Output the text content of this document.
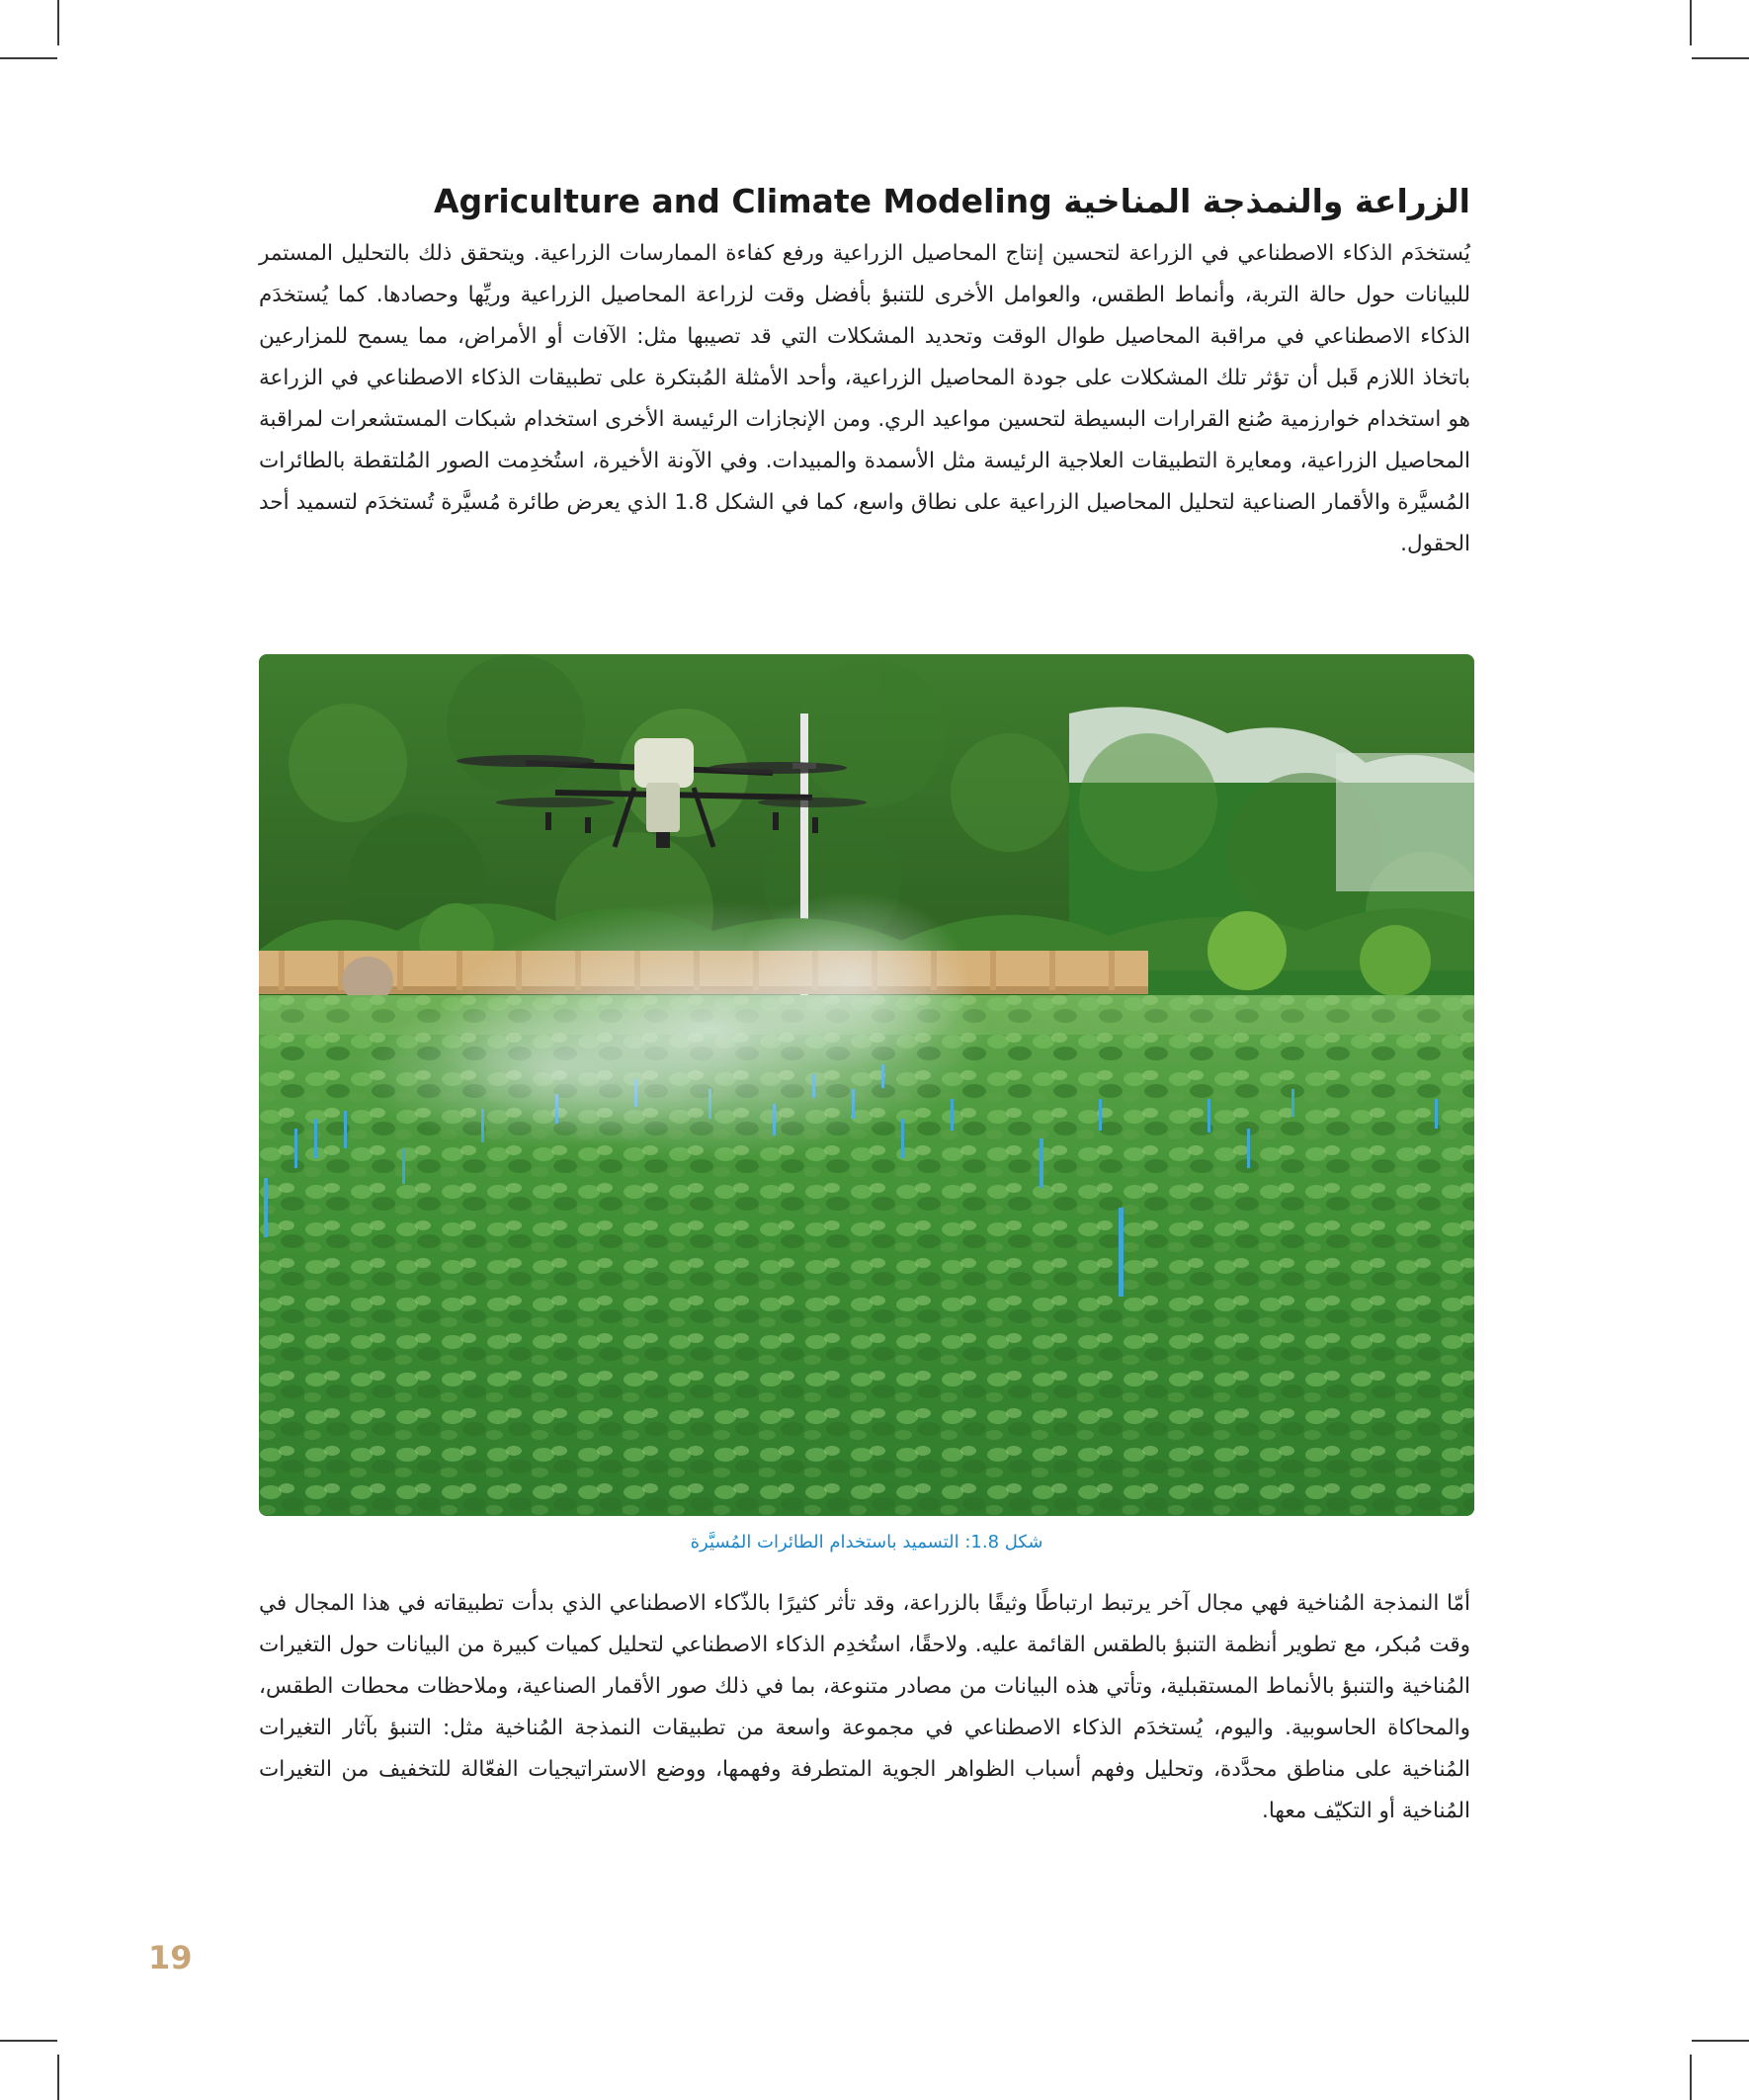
الزراعة والنمذجة المناخية Agriculture and Climate Modeling

يُستخدَم الذكاء الاصطناعي في الزراعة لتحسين إنتاج المحاصيل الزراعية ورفع كفاءة الممارسات الزراعية. ويتحقق ذلك بالتحليل المستمر للبيانات حول حالة التربة، وأنماط الطقس، والعوامل الأخرى للتنبؤ بأفضل وقت لزراعة المحاصيل الزراعية وريِّها وحصادها. كما يُستخدَم الذكاء الاصطناعي في مراقبة المحاصيل طوال الوقت وتحديد المشكلات التي قد تصيبها مثل: الآفات أو الأمراض، مما يسمح للمزارعين باتخاذ اللازم قَبل أن تؤثر تلك المشكلات على جودة المحاصيل الزراعية، وأحد الأمثلة المُبتكرة على تطبيقات الذكاء الاصطناعي في الزراعة هو استخدام خوارزمية صُنع القرارات البسيطة لتحسين مواعيد الري. ومن الإنجازات الرئيسة الأخرى استخدام شبكات المستشعرات لمراقبة المحاصيل الزراعية، ومعايرة التطبيقات العلاجية الرئيسة مثل الأسمدة والمبيدات. وفي الآونة الأخيرة، استُخدِمت الصور المُلتقطة بالطائرات المُسيَّرة والأقمار الصناعية لتحليل المحاصيل الزراعية على نطاق واسع، كما في الشكل 1.8 الذي يعرض طائرة مُسيَّرة تُستخدَم لتسميد أحد الحقول.

شكل 1.8: التسميد باستخدام الطائرات المُسيَّرة

أمّا النمذجة المُناخية فهي مجال آخر يرتبط ارتباطًا وثيقًا بالزراعة، وقد تأثر كثيرًا بالذّكاء الاصطناعي الذي بدأت تطبيقاته في هذا المجال في وقت مُبكر، مع تطوير أنظمة التنبؤ بالطقس القائمة عليه. ولاحقًا، استُخدِم الذكاء الاصطناعي لتحليل كميات كبيرة من البيانات حول التغيرات المُناخية والتنبؤ بالأنماط المستقبلية، وتأتي هذه البيانات من مصادر متنوعة، بما في ذلك صور الأقمار الصناعية، وملاحظات محطات الطقس، والمحاكاة الحاسوبية. واليوم، يُستخدَم الذكاء الاصطناعي في مجموعة واسعة من تطبيقات النمذجة المُناخية مثل: التنبؤ بآثار التغيرات المُناخية على مناطق محدَّدة، وتحليل وفهم أسباب الظواهر الجوية المتطرفة وفهمها، ووضع الاستراتيجيات الفعّالة للتخفيف من التغيرات المُناخية أو التكيّف معها.

19
